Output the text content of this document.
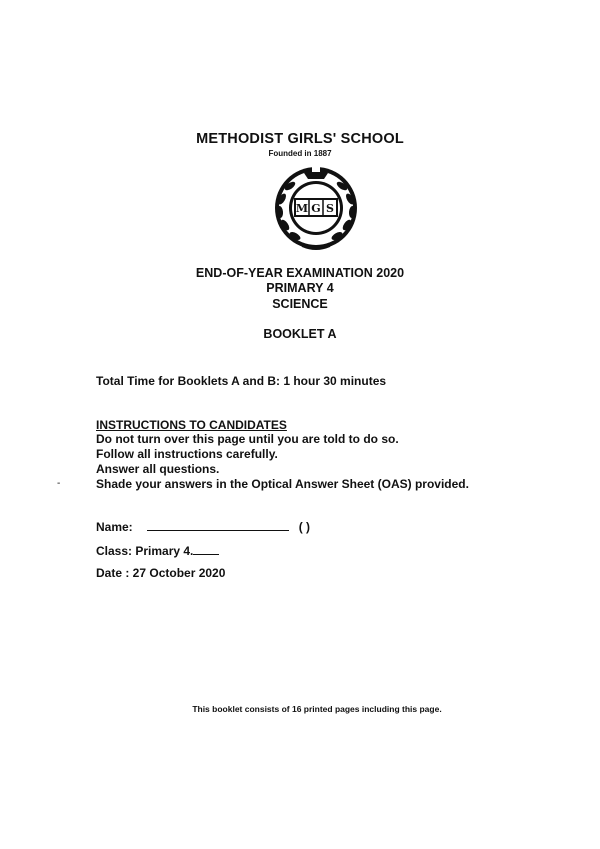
METHODIST GIRLS' SCHOOL
Founded in 1887
M G S
END-OF-YEAR EXAMINATION 2020
PRIMARY 4
SCIENCE
BOOKLET A
Total Time for Booklets A and B: 1 hour 30 minutes
INSTRUCTIONS TO CANDIDATES
Do not turn over this page until you are told to do so.
Follow all instructions carefully.
Answer all questions.
Shade your answers in the Optical Answer Sheet (OAS) provided.
-
Name:	( )
Class: Primary 4.
Date : 27 October 2020
This booklet consists of 16 printed pages including this page.
